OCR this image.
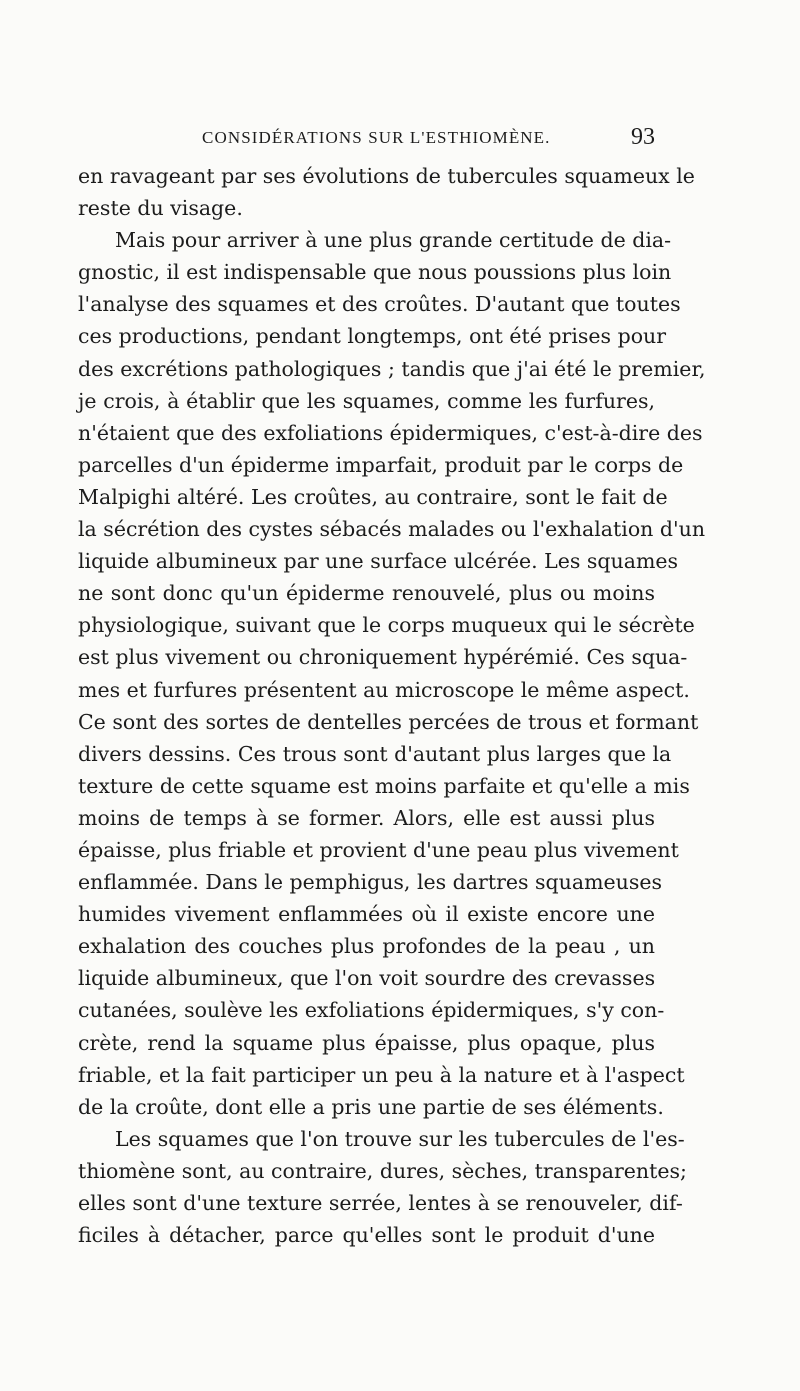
CONSIDÉRATIONS SUR L'ESTHIOMÈNE.	93
en ravageant par ses évolutions de tubercules squameux le
reste du visage.
Mais pour arriver à une plus grande certitude de dia-
gnostic, il est indispensable que nous poussions plus loin
l'analyse des squames et des croûtes. D'autant que toutes
ces productions, pendant longtemps, ont été prises pour
des excrétions pathologiques ; tandis que j'ai été le premier,
je crois, à établir que les squames, comme les furfures,
n'étaient que des exfoliations épidermiques, c'est-à-dire des
parcelles d'un épiderme imparfait, produit par le corps de
Malpighi altéré. Les croûtes, au contraire, sont le fait de
la sécrétion des cystes sébacés malades ou l'exhalation d'un
liquide albumineux par une surface ulcérée. Les squames
ne sont donc qu'un épiderme renouvelé, plus ou moins
physiologique, suivant que le corps muqueux qui le sécrète
est plus vivement ou chroniquement hypérémié. Ces squa-
mes et furfures présentent au microscope le même aspect.
Ce sont des sortes de dentelles percées de trous et formant
divers dessins. Ces trous sont d'autant plus larges que la
texture de cette squame est moins parfaite et qu'elle a mis
moins de temps à se former. Alors, elle est aussi plus
épaisse, plus friable et provient d'une peau plus vivement
enflammée. Dans le pemphigus, les dartres squameuses
humides vivement enflammées où il existe encore une
exhalation des couches plus profondes de la peau , un
liquide albumineux, que l'on voit sourdre des crevasses
cutanées, soulève les exfoliations épidermiques, s'y con-
crète, rend la squame plus épaisse, plus opaque, plus
friable, et la fait participer un peu à la nature et à l'aspect
de la croûte, dont elle a pris une partie de ses éléments.
Les squames que l'on trouve sur les tubercules de l'es-
thiomène sont, au contraire, dures, sèches, transparentes;
elles sont d'une texture serrée, lentes à se renouveler, dif-
ficiles à détacher, parce qu'elles sont le produit d'une
